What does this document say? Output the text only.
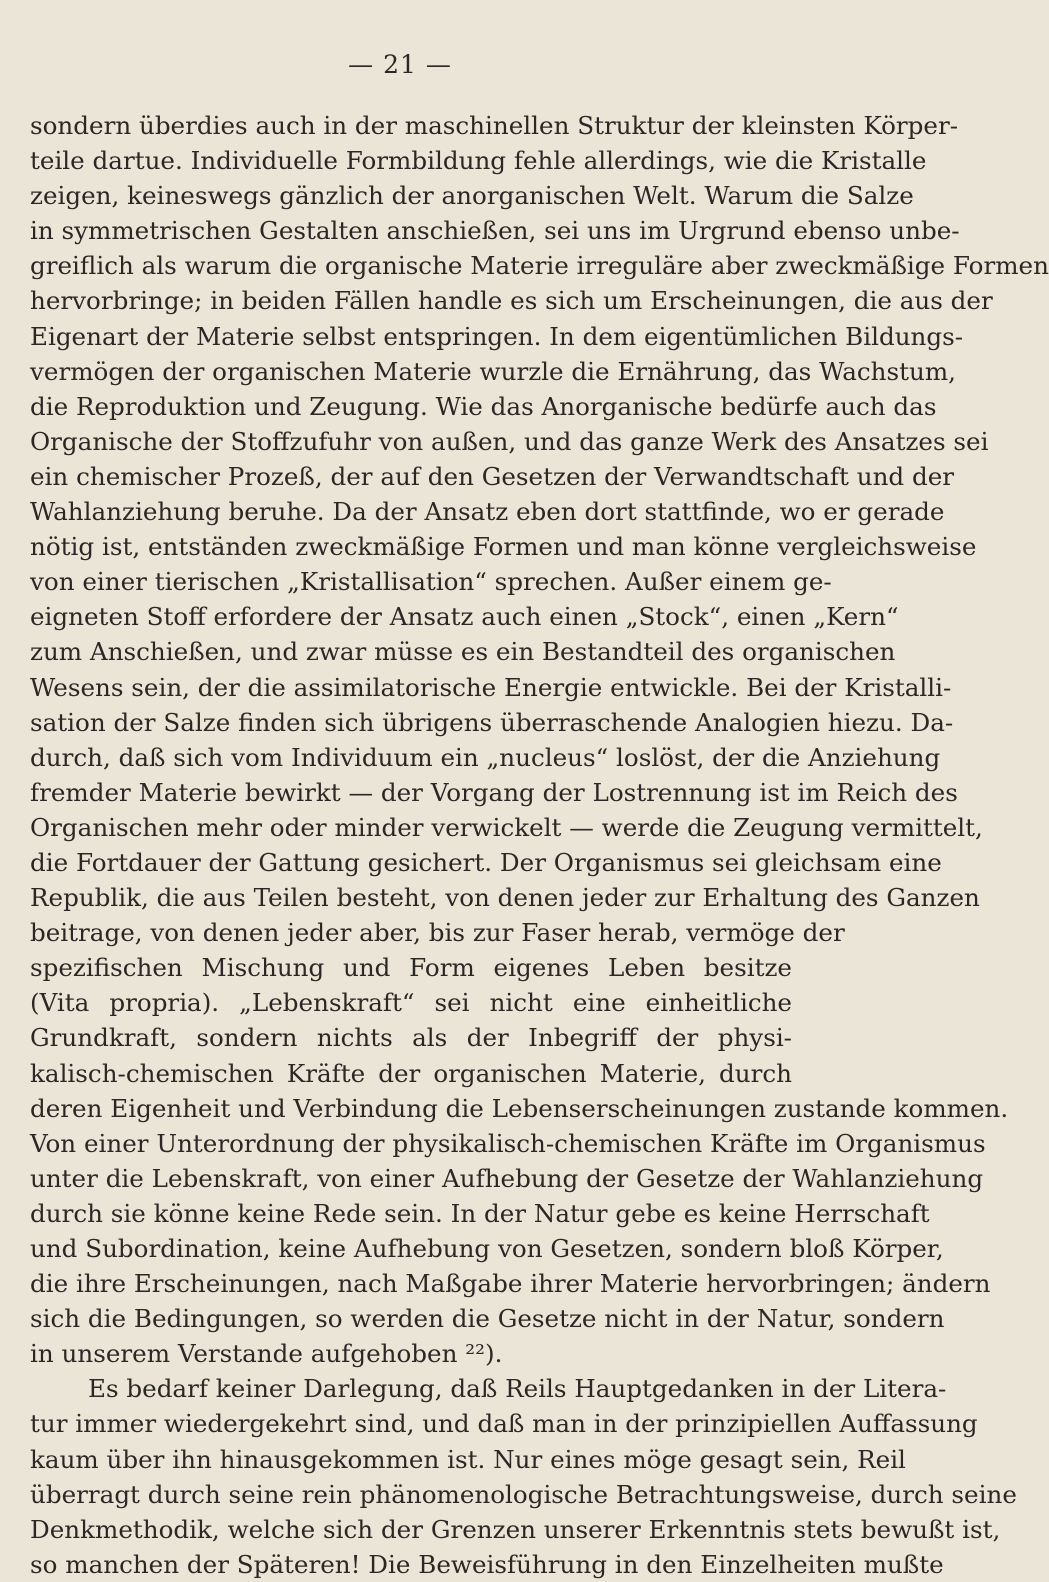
— 21 —
sondern überdies auch in der maschinellen Struktur der kleinsten Körper-
teile dartue. Individuelle Formbildung fehle allerdings, wie die Kristalle
zeigen, keineswegs gänzlich der anorganischen Welt. Warum die Salze
in symmetrischen Gestalten anschießen, sei uns im Urgrund ebenso unbe-
greiflich als warum die organische Materie irreguläre aber zweckmäßige Formen
hervorbringe; in beiden Fällen handle es sich um Erscheinungen, die aus der
Eigenart der Materie selbst entspringen. In dem eigentümlichen Bildungs-
vermögen der organischen Materie wurzle die Ernährung, das Wachstum,
die Reproduktion und Zeugung. Wie das Anorganische bedürfe auch das
Organische der Stoffzufuhr von außen, und das ganze Werk des Ansatzes sei
ein chemischer Prozeß, der auf den Gesetzen der Verwandtschaft und der
Wahlanziehung beruhe. Da der Ansatz eben dort stattfinde, wo er gerade
nötig ist, entständen zweckmäßige Formen und man könne vergleichsweise
von einer tierischen „Kristallisation“ sprechen. Außer einem ge-
eigneten Stoff erfordere der Ansatz auch einen „Stock“, einen „Kern“
zum Anschießen, und zwar müsse es ein Bestandteil des organischen
Wesens sein, der die assimilatorische Energie entwickle. Bei der Kristalli-
sation der Salze finden sich übrigens überraschende Analogien hiezu. Da-
durch, daß sich vom Individuum ein „nucleus“ loslöst, der die Anziehung
fremder Materie bewirkt — der Vorgang der Lostrennung ist im Reich des
Organischen mehr oder minder verwickelt — werde die Zeugung vermittelt,
die Fortdauer der Gattung gesichert. Der Organismus sei gleichsam eine
Republik, die aus Teilen besteht, von denen jeder zur Erhaltung des Ganzen
beitrage, von denen jeder aber, bis zur Faser herab, vermöge der
spezifischen Mischung und Form eigenes Leben besitze
(Vita propria). „Lebenskraft“ sei nicht eine einheitliche
Grundkraft, sondern nichts als der Inbegriff der physi-
kalisch-chemischen Kräfte der organischen Materie, durch
deren Eigenheit und Verbindung die Lebenserscheinungen zustande kommen.
Von einer Unterordnung der physikalisch-chemischen Kräfte im Organismus
unter die Lebenskraft, von einer Aufhebung der Gesetze der Wahlanziehung
durch sie könne keine Rede sein. In der Natur gebe es keine Herrschaft
und Subordination, keine Aufhebung von Gesetzen, sondern bloß Körper,
die ihre Erscheinungen, nach Maßgabe ihrer Materie hervorbringen; ändern
sich die Bedingungen, so werden die Gesetze nicht in der Natur, sondern
in unserem Verstande aufgehoben ²²).
Es bedarf keiner Darlegung, daß Reils Hauptgedanken in der Litera-
tur immer wiedergekehrt sind, und daß man in der prinzipiellen Auffassung
kaum über ihn hinausgekommen ist. Nur eines möge gesagt sein, Reil
überragt durch seine rein phänomenologische Betrachtungsweise, durch seine
Denkmethodik, welche sich der Grenzen unserer Erkenntnis stets bewußt ist,
so manchen der Späteren! Die Beweisführung in den Einzelheiten mußte
